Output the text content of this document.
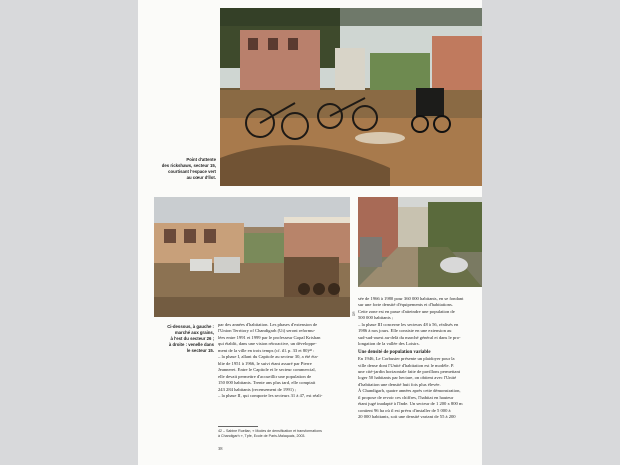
Point d'attente
des rickshaws, secteur 15,
courtisant l'espace vert
au cœur d'îlot.
DR
Ci-dessous, à gauche :
marché aux grains,
à l'est du secteur 26 ;
à droite : venelle dans
le secteur 15.
par des années d'habitation. Les phases d'extension de
l'Union Territory of Chandigarh (Ut) seront reformu-
lées entre 1991 et 1999 par le professeur Gopal Krishan
qui établit, dans une vision rétroactive, un développe-
ment de la ville en trois temps (cf. ill. p. 33 et 80)⁴² :
– la phase I, allant du Capitole au secteur 30, a été éta-
blie de 1951 à 1966, le suivi étant assuré par Pierre
Jeanneret. Entre le Capitole et le secteur commercial,
elle devait permettre d'accueillir une population de
150 000 habitants. Trente ans plus tard, elle comptait
243 284 habitants (recensement de 1991) ;
– la phase II, qui comporte les secteurs 31 à 47, est réali-
sée de 1966 à 1980 pour 360 000 habitants, en se fondant
sur une forte densité d'équipements et d'habitations.
Cette zone est en passe d'atteindre une population de
500 000 habitants ;
– la phase III concerne les secteurs 48 à 56, réalisés en
1986 à nos jours. Elle consiste en une extension au
sud-sud-ouest au-delà du marché général et dans le pro-
longation de la vallée des Loisirs.
Une densité de population variable
En 1946, Le Corbusier présente un plaidoyer pour la
ville dense dont l'Unité d'habitation est le modèle. P.
une cité-jardin horizontale faite de pavillons permettant
loger 50 habitants par hectare, on obtient avec l'Unité
d'habitation une densité huit fois plus élevée.
À Chandigarh, quatre années après cette démonstration,
il propose de revoir ces chiffres, l'habitat en hauteur
étant jugé inadapté à l'Inde. Un secteur de 1 200 x 800 m
contient 96 ha où il est prévu d'installer de 5 000 à
20 000 habitants, soit une densité variant de 55 à 200
42 – Sabine Ruellan, « Modes de densification et transformations
à Chandigarh », Tpfe, Ecole de Paris-Malaquais, 2003.
38
